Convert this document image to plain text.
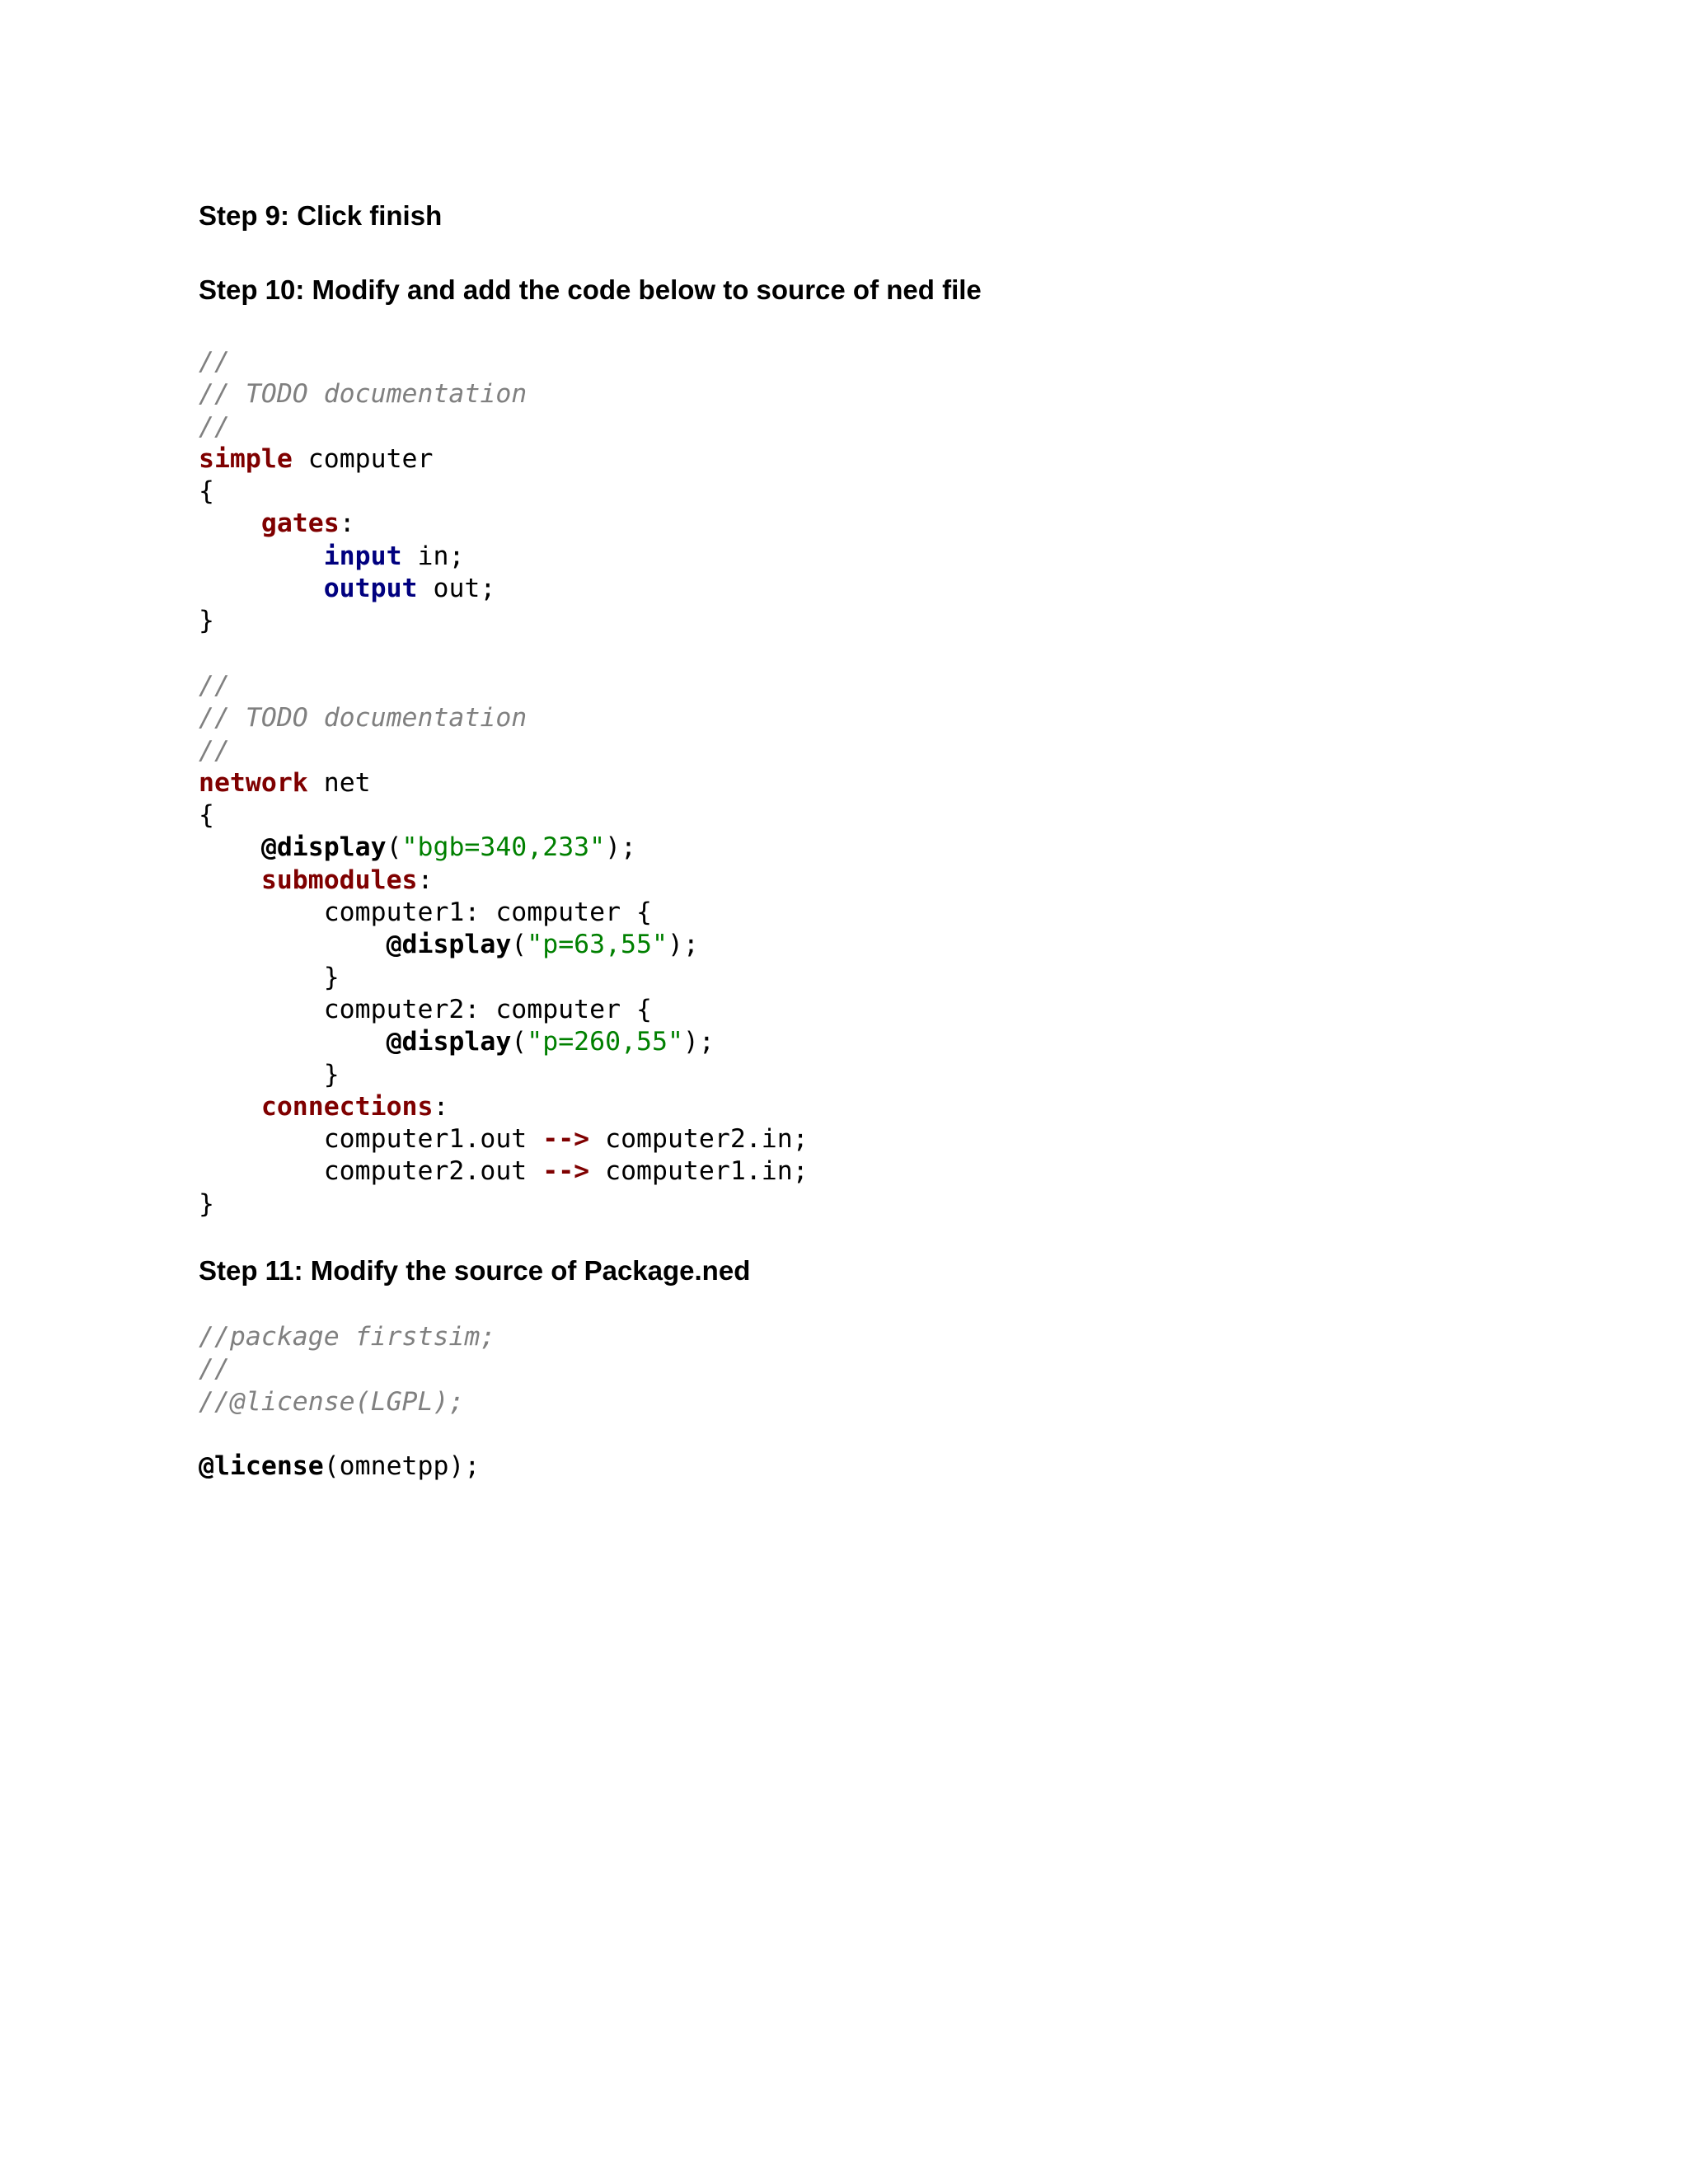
Step 9: Click finish
Step 10: Modify and add the code below to source of ned file
//
// TODO documentation
//
simple computer
{
gates:
input in;
output out;
}
//
// TODO documentation
//
network net
{
@display("bgb=340,233");
submodules:
computer1: computer {
@display("p=63,55");
}
computer2: computer {
@display("p=260,55");
}
connections:
computer1.out --> computer2.in;
computer2.out --> computer1.in;
}
Step 11: Modify the source of Package.ned
//package firstsim;
//
//@license(LGPL);
@license(omnetpp);
